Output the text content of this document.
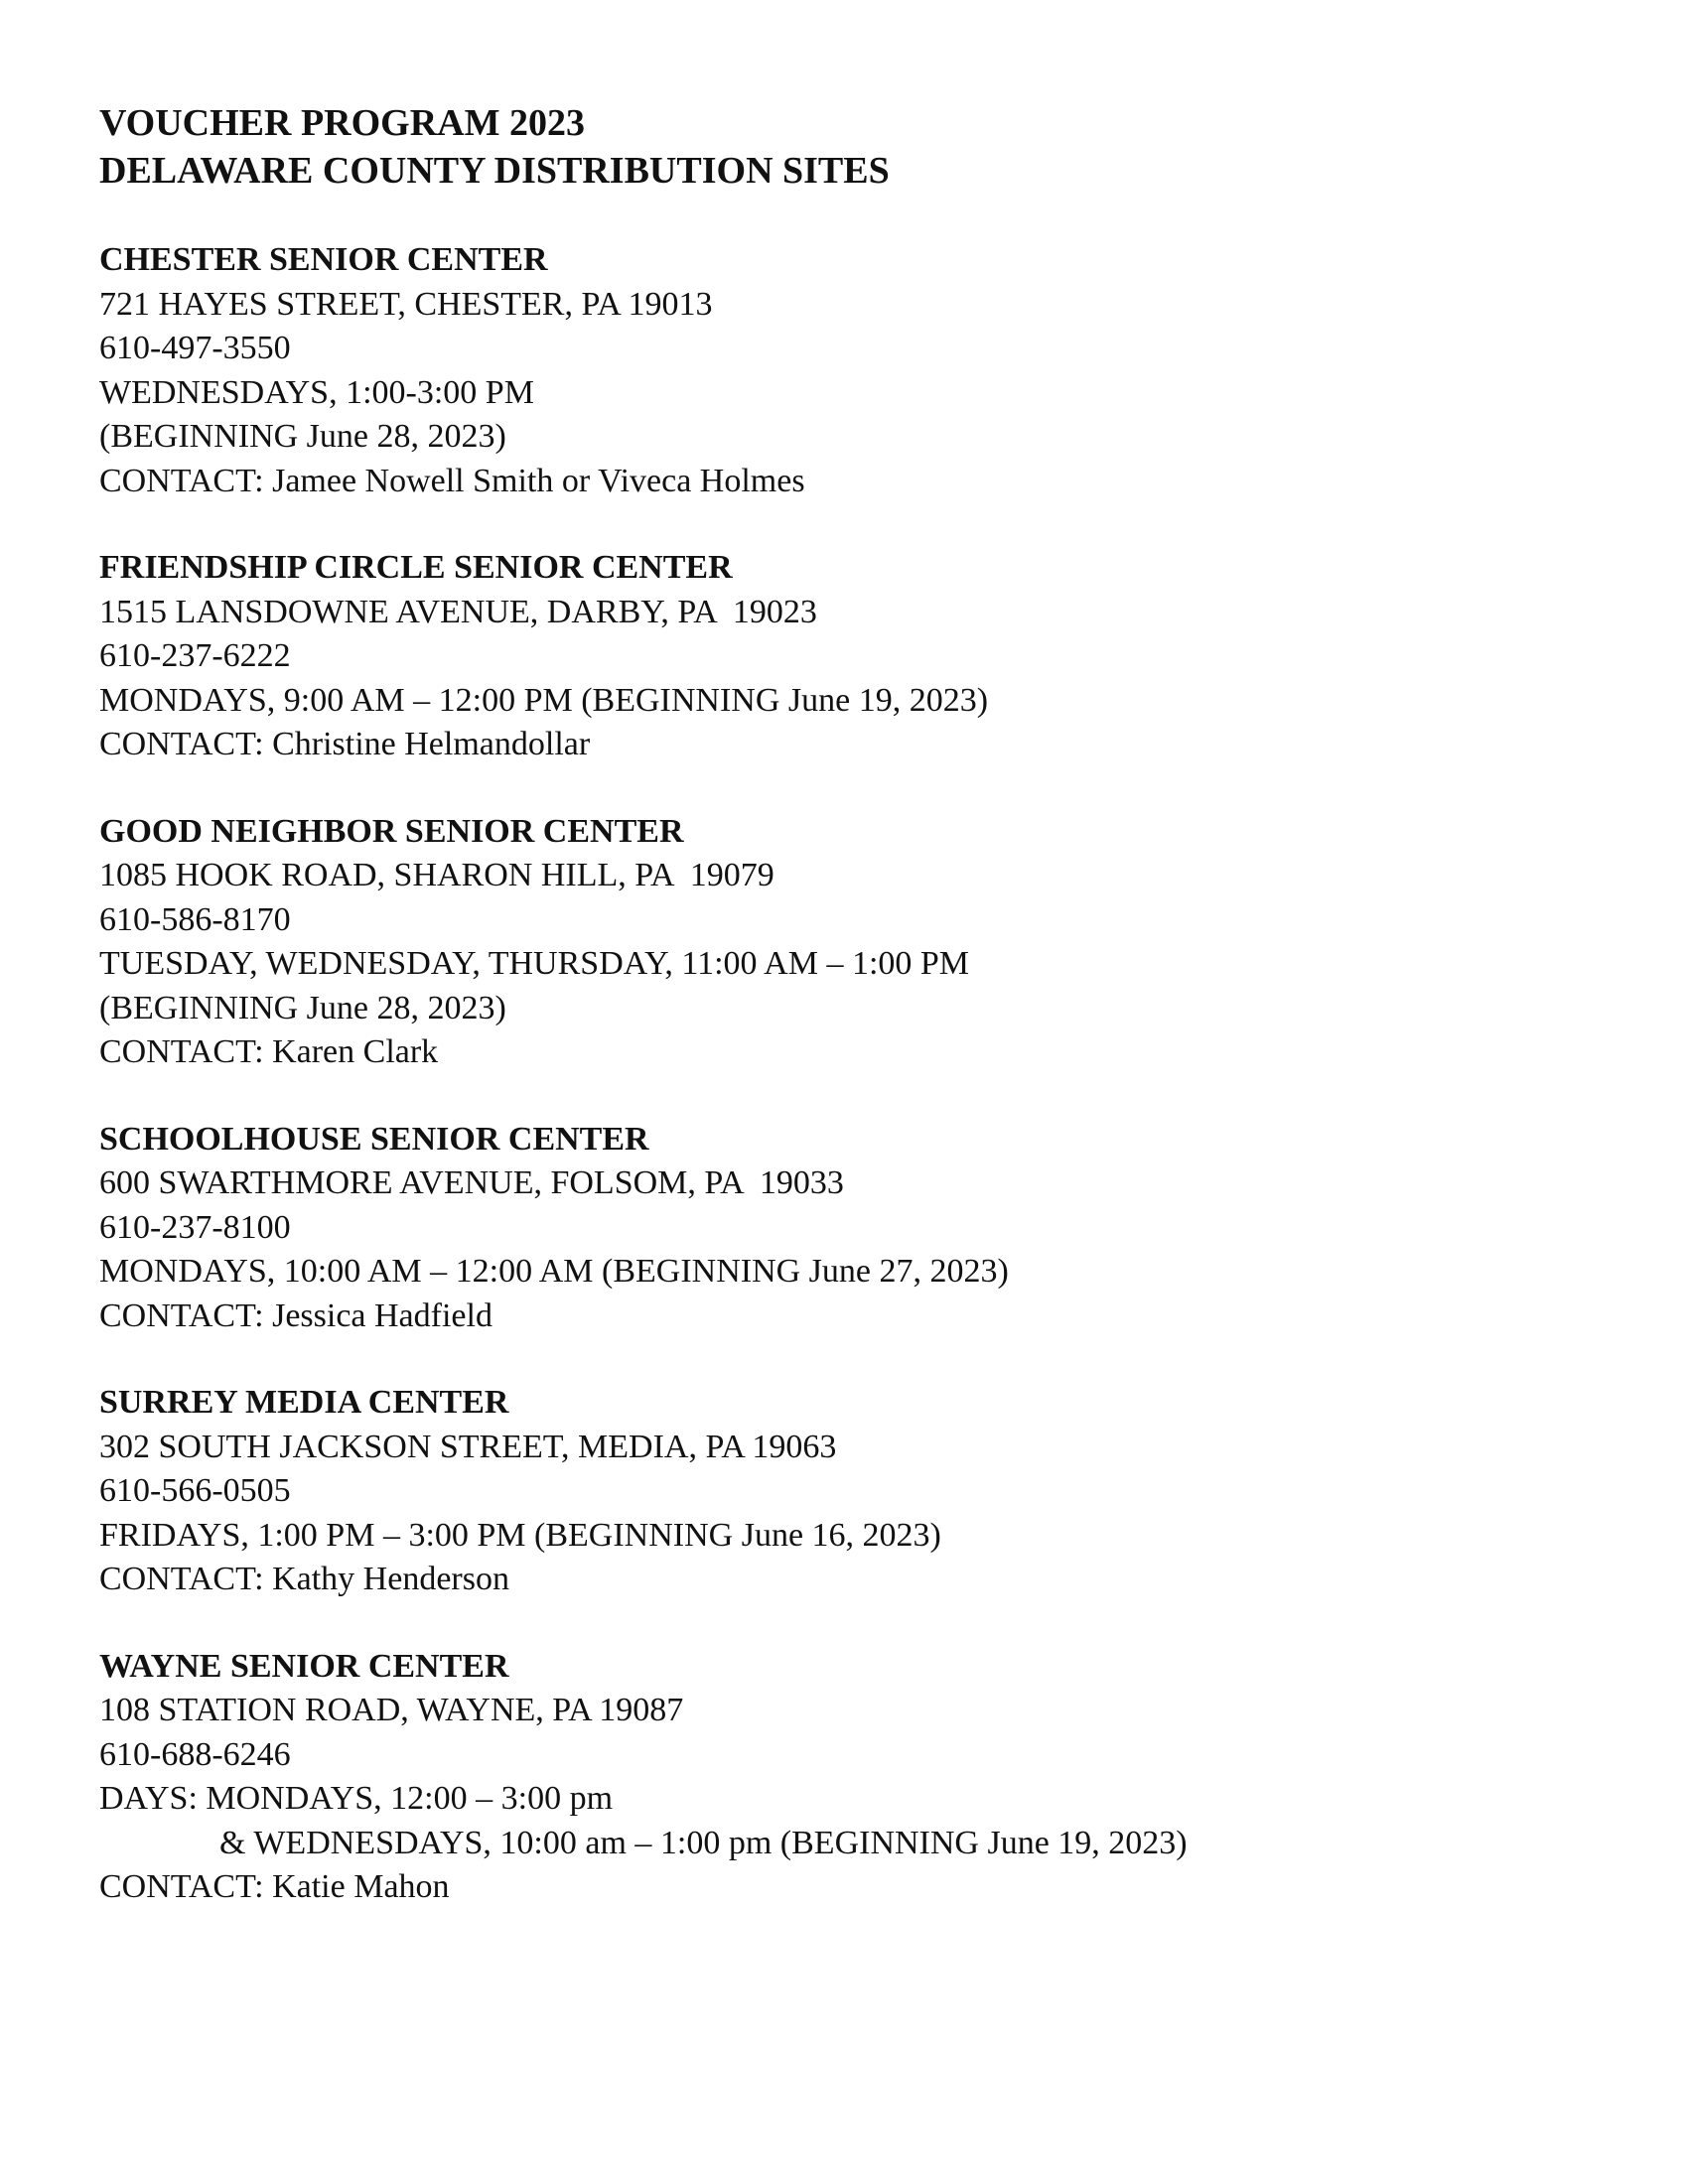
VOUCHER PROGRAM 2023
DELAWARE COUNTY DISTRIBUTION SITES
CHESTER SENIOR CENTER
721 HAYES STREET, CHESTER, PA 19013
610-497-3550
WEDNESDAYS, 1:00-3:00 PM
(BEGINNING June 28, 2023)
CONTACT: Jamee Nowell Smith or Viveca Holmes
FRIENDSHIP CIRCLE SENIOR CENTER
1515 LANSDOWNE AVENUE, DARBY, PA  19023
610-237-6222
MONDAYS, 9:00 AM – 12:00 PM (BEGINNING June 19, 2023)
CONTACT: Christine Helmandollar
GOOD NEIGHBOR SENIOR CENTER
1085 HOOK ROAD, SHARON HILL, PA  19079
610-586-8170
TUESDAY, WEDNESDAY, THURSDAY, 11:00 AM – 1:00 PM
(BEGINNING June 28, 2023)
CONTACT: Karen Clark
SCHOOLHOUSE SENIOR CENTER
600 SWARTHMORE AVENUE, FOLSOM, PA  19033
610-237-8100
MONDAYS, 10:00 AM – 12:00 AM (BEGINNING June 27, 2023)
CONTACT: Jessica Hadfield
SURREY MEDIA CENTER
302 SOUTH JACKSON STREET, MEDIA, PA 19063
610-566-0505
FRIDAYS, 1:00 PM – 3:00 PM (BEGINNING June 16, 2023)
CONTACT: Kathy Henderson
WAYNE SENIOR CENTER
108 STATION ROAD, WAYNE, PA 19087
610-688-6246
DAYS: MONDAYS, 12:00 – 3:00 pm
& WEDNESDAYS, 10:00 am – 1:00 pm (BEGINNING June 19, 2023)
CONTACT: Katie Mahon
